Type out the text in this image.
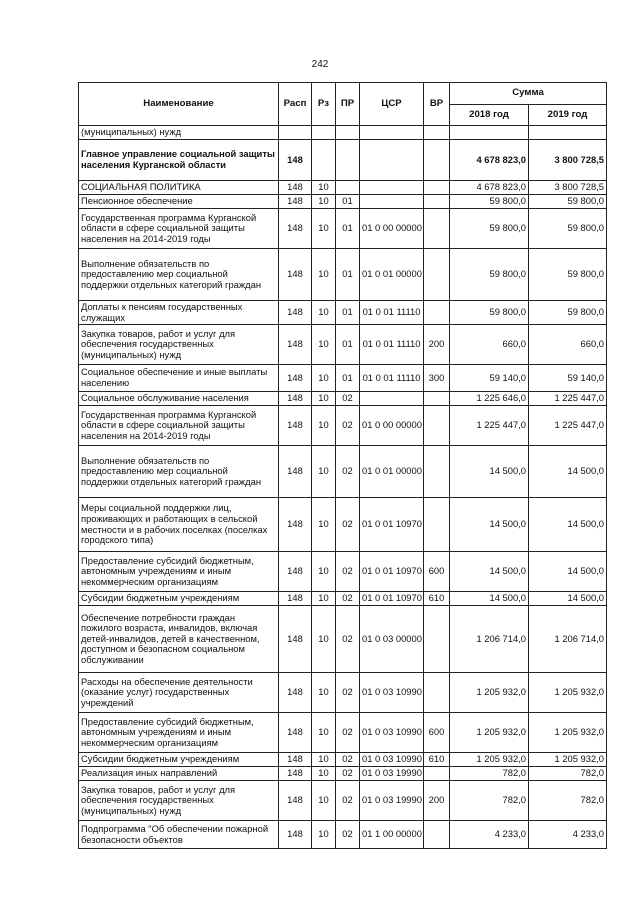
242
Наименование	Расп	Рз	ПР	ЦСР	ВР	Сумма	
						2018 год	2019 год
(муниципальных) нужд							
Главное управление социальной защиты населения Курганской области	148					4 678 823,0	3 800 728,5
СОЦИАЛЬНАЯ ПОЛИТИКА	148	10				4 678 823,0	3 800 728,5
Пенсионное обеспечение	148	10	01			59 800,0	59 800,0
Государственная программа Курганской области в сфере социальной защиты населения на 2014-2019 годы	148	10	01	01 0 00 00000		59 800,0	59 800,0
Выполнение обязательств по предоставлению мер социальной поддержки отдельных категорий граждан	148	10	01	01 0 01 00000		59 800,0	59 800,0
Доплаты к пенсиям государственных служащих	148	10	01	01 0 01 11110		59 800,0	59 800,0
Закупка товаров, работ и услуг для обеспечения государственных (муниципальных) нужд	148	10	01	01 0 01 11110	200	660,0	660,0
Социальное обеспечение и иные выплаты населению	148	10	01	01 0 01 11110	300	59 140,0	59 140,0
Социальное обслуживание населения	148	10	02			1 225 646,0	1 225 447,0
Государственная программа Курганской области в сфере социальной защиты населения на 2014-2019 годы	148	10	02	01 0 00 00000		1 225 447,0	1 225 447,0
Выполнение обязательств по предоставлению мер социальной поддержки отдельных категорий граждан	148	10	02	01 0 01 00000		14 500,0	14 500,0
Меры социальной поддержки лиц, проживающих и работающих в сельской местности и в рабочих поселках (поселках городского типа)	148	10	02	01 0 01 10970		14 500,0	14 500,0
Предоставление субсидий бюджетным, автономным учреждениям и иным некоммерческим организациям	148	10	02	01 0 01 10970	600	14 500,0	14 500,0
Субсидии бюджетным учреждениям	148	10	02	01 0 01 10970	610	14 500,0	14 500,0
Обеспечение потребности граждан пожилого возраста, инвалидов, включая детей-инвалидов, детей в качественном, доступном и безопасном социальном обслуживании	148	10	02	01 0 03 00000		1 206 714,0	1 206 714,0
Расходы на обеспечение деятельности (оказание услуг) государственных учреждений	148	10	02	01 0 03 10990		1 205 932,0	1 205 932,0
Предоставление субсидий бюджетным, автономным учреждениям и иным некоммерческим организациям	148	10	02	01 0 03 10990	600	1 205 932,0	1 205 932,0
Субсидии бюджетным учреждениям	148	10	02	01 0 03 10990	610	1 205 932,0	1 205 932,0
Реализация иных направлений	148	10	02	01 0 03 19990		782,0	782,0
Закупка товаров, работ и услуг для обеспечения государственных (муниципальных) нужд	148	10	02	01 0 03 19990	200	782,0	782,0
Подпрограмма "Об обеспечении пожарной безопасности объектов	148	10	02	01 1 00 00000		4 233,0	4 233,0
